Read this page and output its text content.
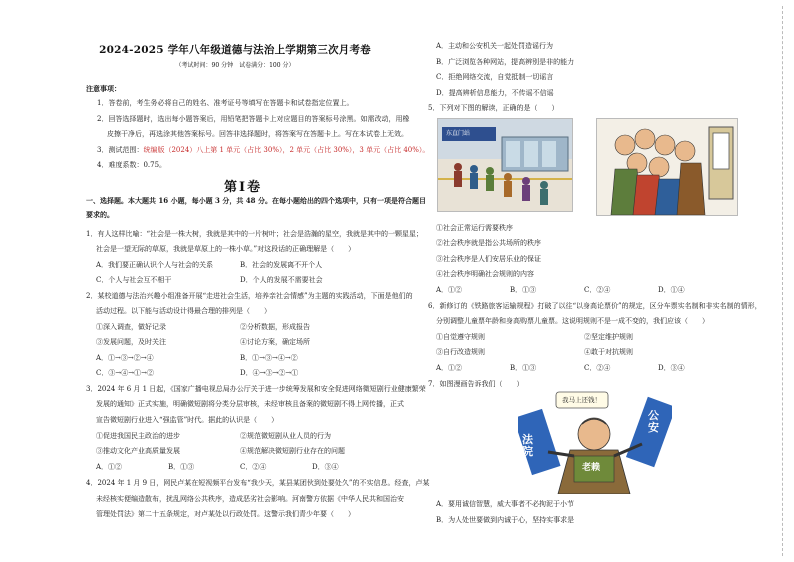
2024-2025 学年八年级道德与法治上学期第三次月考卷
（考试时间：90 分钟　试卷满分：100 分）
注意事项：
1．答卷前，考生务必将自己的姓名、准考证号等填写在答题卡和试卷指定位置上。
2．回答选择题时，选出每小题答案后，用铅笔把答题卡上对应题目的答案标号涂黑。如需改动，用橡
皮擦干净后，再选涂其他答案标号。回答非选择题时，将答案写在答题卡上。写在本试卷上无效。
3．测试范围：统编版（2024）八上第 1 单元（占比 30%），2 单元（占比 30%），3 单元（占比 40%）。
4．难度系数：0.75。
第Ⅰ卷
一、选择题。本大题共 16 小题，每小题 3 分，共 48 分。在每小题给出的四个选项中，只有一项是符合题目
要求的。
1．有人这样比喻：“社会是一株大树，我就是其中的一片树叶；社会是浩瀚的星空，我就是其中的一颗星星；
社会是一望无际的草原，我就是草原上的一株小草。”对这段话的正确理解是（　　）
A．我们要正确认识个人与社会的关系	B．社会的发展离不开个人
C．个人与社会互不相干	D．个人的发展不需要社会
2．某校道德与法治兴趣小组准备开展“走进社会生活，培养亲社会情感”为主题的实践活动，下面是他们的
活动过程。以下能与活动设计得最合理的排列是（　　）
①深入调查，做好记录	②分析数据，形成报告
③发展问题，及时关注	④讨论方案，确定场所
A．①→③→②→④	B．①→③→④→②
C．③→④→①→②	D．④→③→②→①
3．2024 年 6 月 1 日起，《国家广播电视总局办公厅关于进一步统筹发展和安全促进网络微短剧行业健康繁荣
发展的通知》正式实施，明确微短剧将分类分层审核，未经审核且备案的微短剧不得上网传播，正式
宣告微短剧行业进入“强监管”时代。据此的认识是（　　）
①促进我国民主政治的进步	②规范微短剧从业人员的行为
③推动文化产业高质量发展	④规范解决微短剧行业存在的问题
A．①②	B．①③	C．②④	D．③④
4．2024 年 1 月 9 日，网民卢某在短视频平台发布“我少天，某县某团伙到处要处久”的不实信息。经查，卢某
未经核实便编造散布，扰乱网络公共秩序，造成恶劣社会影响。河南警方依据《中华人民共和国治安
管理处罚法》第二十五条规定，对卢某处以行政处罚。这警示我们青少年要（　　）
A．主动和公安机关一起处罚造谣行为
B．广泛浏览各种网站，提高辨别是非的能力
C．拒绝网络交流，自觉抵制一切谣言
D．提高辨析信息能力，不传谣不信谣
5．下列对下图的解读，正确的是（　　）
东直门站
①社会正常运行需要秩序
②社会秩序就是指公共场所的秩序
③社会秩序是人们安居乐业的保证
④社会秩序明确社会规则的内容
A．①②	B．①③	C．②④	D．①④
6．新修订的《铁路旅客运输规程》打破了以往“以身高论票价”的规定，区分车票实名制和非实名制的情形，
分别调整儿童票年龄和身高购票儿童票。这说明规则不是一成不变的，我们应该（　　）
①自觉遵守规则	②坚定维护规则
③自行改造规则	④敢于对抗规则
A．①②	B．①③	C．②④	D．③④
7．如图漫画告诉我们（　　）
我马上还钱！
法院
公安
老赖
A．要用诚信智慧，威大事者不必拘泥于小节
B．为人处世要做到内诚于心，坚持实事求是
